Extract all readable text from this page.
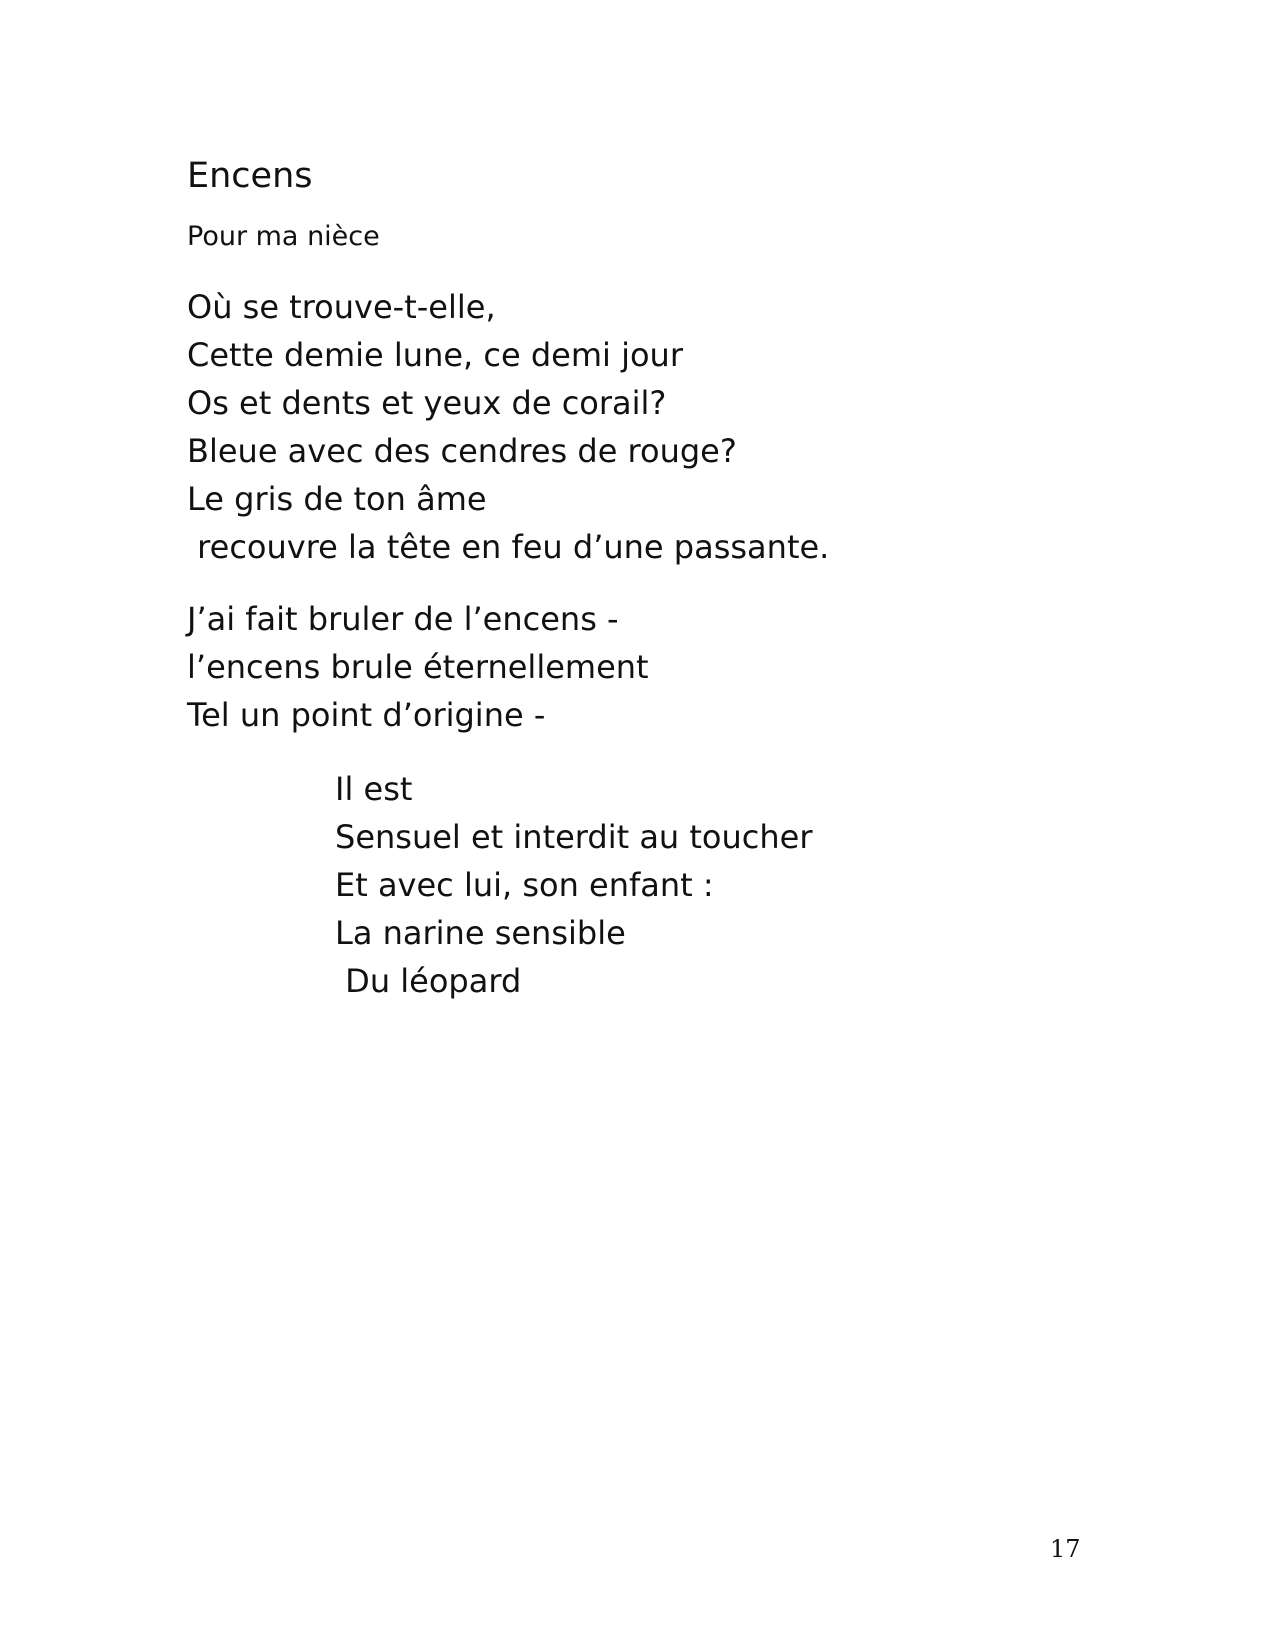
Encens
Pour ma nièce
Où se trouve-t-elle,
Cette demie lune, ce demi jour
Os et dents et yeux de corail?
Bleue avec des cendres de rouge?
Le gris de ton âme
recouvre la tête en feu d’une passante.
J’ai fait bruler de l’encens -
l’encens brule éternellement
Tel un point d’origine -
Il est
Sensuel et interdit au toucher
Et avec lui, son enfant :
La narine sensible
Du léopard
17
